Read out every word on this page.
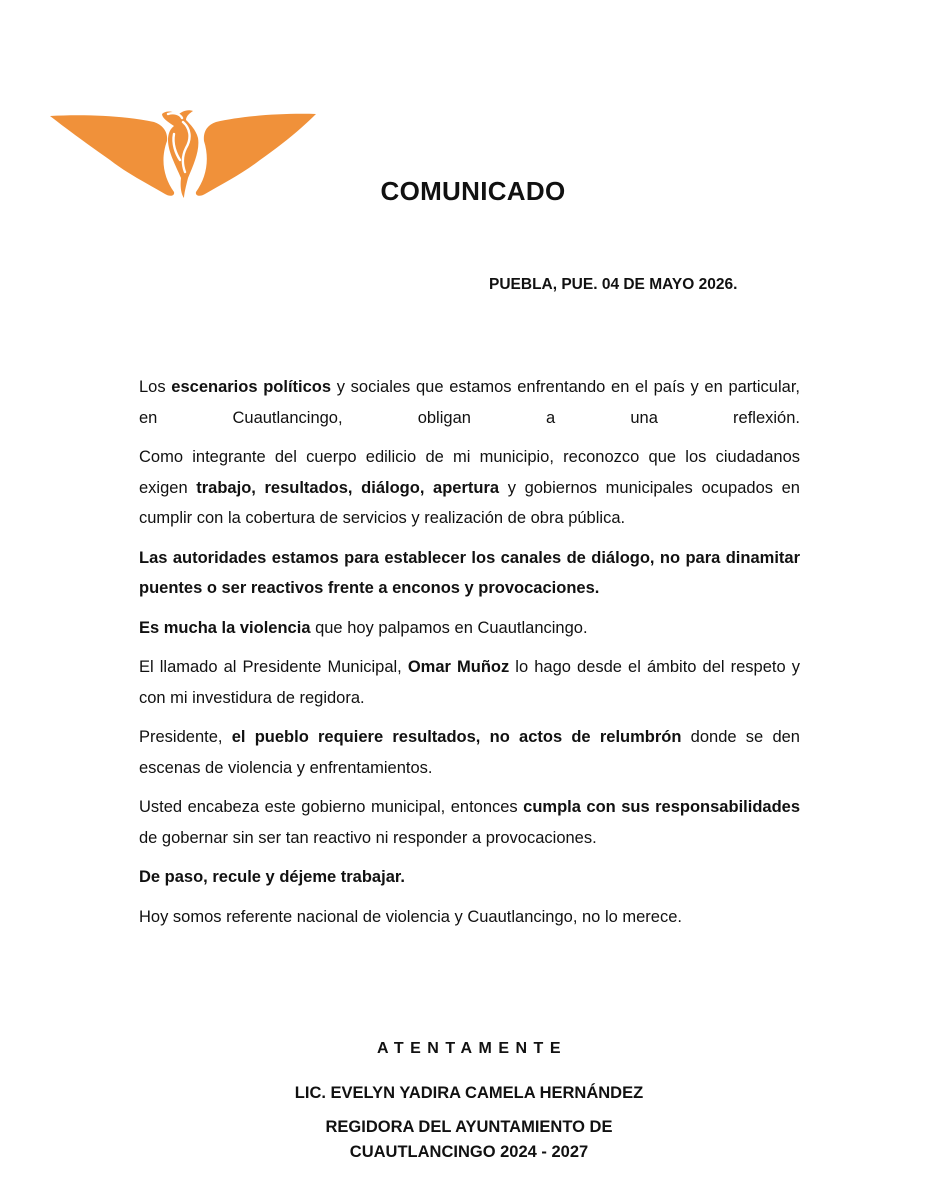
COMUNICADO
PUEBLA, PUE. 04 DE MAYO 2026.

Los escenarios políticos y sociales que estamos enfrentando en el país y en particular, en Cuautlancingo, obligan a una reflexión.

Como integrante del cuerpo edilicio de mi municipio, reconozco que los ciudadanos exigen trabajo, resultados, diálogo, apertura y gobiernos municipales ocupados en cumplir con la cobertura de servicios y realización de obra pública.

Las autoridades estamos para establecer los canales de diálogo, no para dinamitar puentes o ser reactivos frente a enconos y provocaciones.

Es mucha la violencia que hoy palpamos en Cuautlancingo.

El llamado al Presidente Municipal, Omar Muñoz lo hago desde el ámbito del respeto y con mi investidura de regidora.

Presidente, el pueblo requiere resultados, no actos de relumbrón donde se den escenas de violencia y enfrentamientos.

Usted encabeza este gobierno municipal, entonces cumpla con sus responsabilidades de gobernar sin ser tan reactivo ni responder a provocaciones.

De paso, recule y déjeme trabajar.

Hoy somos referente nacional de violencia y Cuautlancingo, no lo merece.

ATENTAMENTE
LIC. EVELYN YADIRA CAMELA HERNÁNDEZ
REGIDORA DEL AYUNTAMIENTO DE
CUAUTLANCINGO 2024 - 2027
